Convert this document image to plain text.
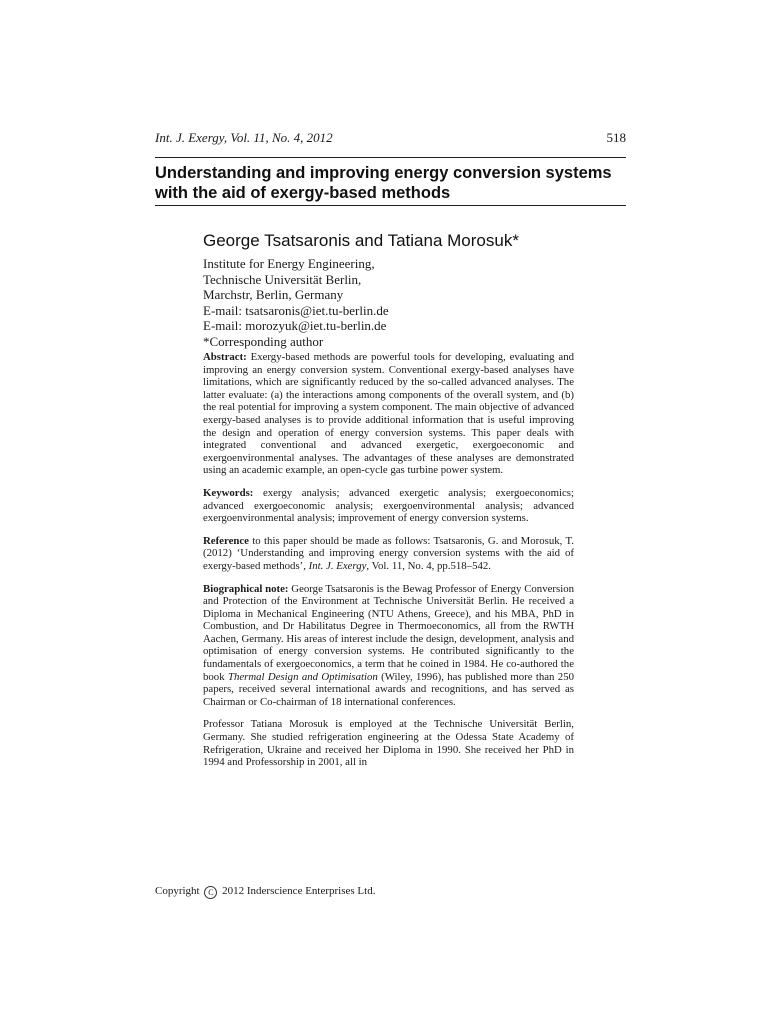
Int. J. Exergy, Vol. 11, No. 4, 2012	518
Understanding and improving energy conversion systems with the aid of exergy-based methods
George Tsatsaronis and Tatiana Morosuk*
Institute for Energy Engineering,
Technische Universität Berlin,
Marchstr, Berlin, Germany
E-mail: tsatsaronis@iet.tu-berlin.de
E-mail: morozyuk@iet.tu-berlin.de
*Corresponding author

Abstract: Exergy-based methods are powerful tools for developing, evaluating and improving an energy conversion system. Conventional exergy-based analyses have limitations, which are significantly reduced by the so-called advanced analyses. The latter evaluate: (a) the interactions among components of the overall system, and (b) the real potential for improving a system component. The main objective of advanced exergy-based analyses is to provide additional information that is useful improving the design and operation of energy conversion systems. This paper deals with integrated conventional and advanced exergetic, exergoeconomic and exergoenvironmental analyses. The advantages of these analyses are demonstrated using an academic example, an open-cycle gas turbine power system.

Keywords: exergy analysis; advanced exergetic analysis; exergoeconomics; advanced exergoeconomic analysis; exergoenvironmental analysis; advanced exergoenvironmental analysis; improvement of energy conversion systems.

Reference to this paper should be made as follows: Tsatsaronis, G. and Morosuk, T. (2012) ‘Understanding and improving energy conversion systems with the aid of exergy-based methods’, Int. J. Exergy, Vol. 11, No. 4, pp.518–542.

Biographical note: George Tsatsaronis is the Bewag Professor of Energy Conversion and Protection of the Environment at Technische Universität Berlin. He received a Diploma in Mechanical Engineering (NTU Athens, Greece), and his MBA, PhD in Combustion, and Dr Habilitatus Degree in Thermoeconomics, all from the RWTH Aachen, Germany. His areas of interest include the design, development, analysis and optimisation of energy conversion systems. He contributed significantly to the fundamentals of exergoeconomics, a term that he coined in 1984. He co-authored the book Thermal Design and Optimisation (Wiley, 1996), has published more than 250 papers, received several international awards and recognitions, and has served as Chairman or Co-chairman of 18 international conferences.

Professor Tatiana Morosuk is employed at the Technische Universität Berlin, Germany. She studied refrigeration engineering at the Odessa State Academy of Refrigeration, Ukraine and received her Diploma in 1990. She received her PhD in 1994 and Professorship in 2001, all in

Copyright C 2012 Inderscience Enterprises Ltd.
